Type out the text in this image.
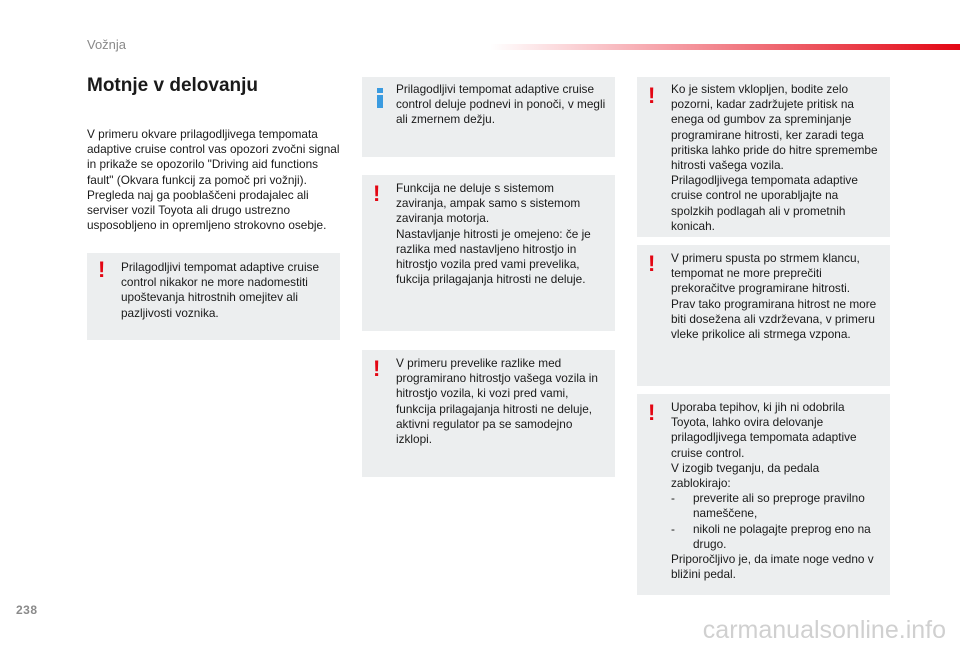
Vožnja
Motnje v delovanju

V primeru okvare prilagodljivega tempomata adaptive cruise control vas opozori zvočni signal in prikaže se opozorilo "Driving aid functions fault" (Okvara funkcij za pomoč pri vožnji).

Pregleda naj ga pooblaščeni prodajalec ali serviser vozil Toyota ali drugo ustrezno usposobljeno in opremljeno strokovno osebje.

!	Prilagodljivi tempomat adaptive cruise control nikakor ne more nadomestiti upoštevanja hitrostnih omejitev ali pazljivosti voznika.

Prilagodljivi tempomat adaptive cruise control deluje podnevi in ponoči, v megli ali zmernem dežju.

!	Funkcija ne deluje s sistemom zaviranja, ampak samo s sistemom zaviranja motorja.

Nastavljanje hitrosti je omejeno: če je razlika med nastavljeno hitrostjo in hitrostjo vozila pred vami prevelika, fukcija prilagajanja hitrosti ne deluje.

!	V primeru prevelike razlike med programirano hitrostjo vašega vozila in hitrostjo vozila, ki vozi pred vami, funkcija prilagajanja hitrosti ne deluje, aktivni regulator pa se samodejno izklopi.

!	Ko je sistem vklopljen, bodite zelo pozorni, kadar zadržujete pritisk na enega od gumbov za spreminjanje programirane hitrosti, ker zaradi tega pritiska lahko pride do hitre spremembe hitrosti vašega vozila.

Prilagodljivega tempomata adaptive cruise control ne uporabljajte na spolzkih podlagah ali v prometnih konicah.

!	V primeru spusta po strmem klancu, tempomat ne more preprečiti prekoračitve programirane hitrosti.

Prav tako programirana hitrost ne more biti dosežena ali vzdrževana, v primeru vleke prikolice ali strmega vzpona.

!	Uporaba tepihov, ki jih ni odobrila Toyota, lahko ovira delovanje prilagodljivega tempomata adaptive cruise control.

V izogib tveganju, da pedala zablokirajo:

-	preverite ali so preproge pravilno nameščene,
-	nikoli ne polagajte preprog eno na drugo.

Priporočljivo je, da imate noge vedno v bližini pedal.

238
carmanualsonline.info
